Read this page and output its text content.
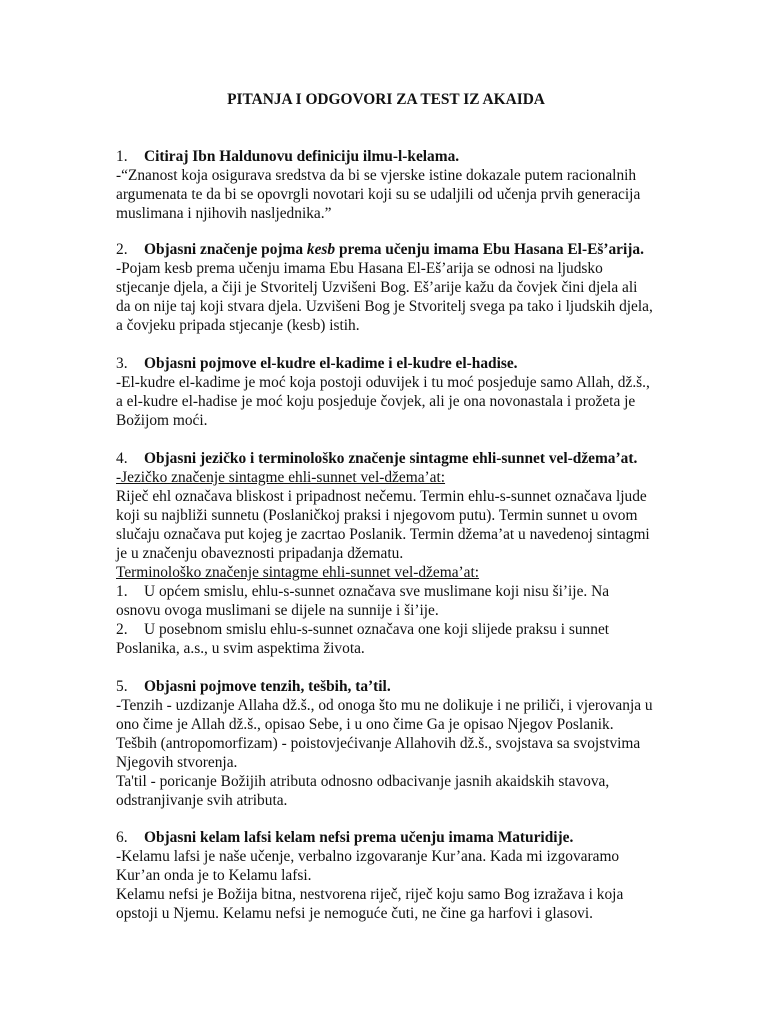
PITANJA I ODGOVORI ZA TEST IZ AKAIDA
1. Citiraj Ibn Haldunovu definiciju ilmu-l-kelama.
-“Znanost koja osigurava sredstva da bi se vjerske istine dokazale putem racionalnih
argumenata te da bi se opovrgli novotari koji su se udaljili od učenja prvih generacija
muslimana i njihovih nasljednika.”
2. Objasni značenje pojma kesb prema učenju imama Ebu Hasana El-Eš’arija.
-Pojam kesb prema učenju imama Ebu Hasana El-Eš’arija se odnosi na ljudsko
stjecanje djela, a čiji je Stvoritelj Uzvišeni Bog. Eš’arije kažu da čovjek čini djela ali
da on nije taj koji stvara djela. Uzvišeni Bog je Stvoritelj svega pa tako i ljudskih djela,
a čovjeku pripada stjecanje (kesb) istih.
3. Objasni pojmove el-kudre el-kadime i el-kudre el-hadise.
-El-kudre el-kadime je moć koja postoji oduvijek i tu moć posjeduje samo Allah, dž.š.,
a el-kudre el-hadise je moć koju posjeduje čovjek, ali je ona novonastala i prožeta je
Božijom moći.
4. Objasni jezičko i terminološko značenje sintagme ehli-sunnet vel-džema’at.
-Jezičko značenje sintagme ehli-sunnet vel-džema’at:
Riječ ehl označava bliskost i pripadnost nečemu. Termin ehlu-s-sunnet označava ljude
koji su najbliži sunnetu (Poslaničkoj praksi i njegovom putu). Termin sunnet u ovom
slučaju označava put kojeg je zacrtao Poslanik. Termin džema’at u navedenoj sintagmi
je u značenju obaveznosti pripadanja džematu.
Terminološko značenje sintagme ehli-sunnet vel-džema’at:
1. U općem smislu, ehlu-s-sunnet označava sve muslimane koji nisu ši’ije. Na
osnovu ovoga muslimani se dijele na sunnije i ši’ije.
2. U posebnom smislu ehlu-s-sunnet označava one koji slijede praksu i sunnet
Poslanika, a.s., u svim aspektima života.
5. Objasni pojmove tenzih, tešbih, ta’til.
-Tenzih - uzdizanje Allaha dž.š., od onoga što mu ne dolikuje i ne priliči, i vjerovanja u
ono čime je Allah dž.š., opisao Sebe, i u ono čime Ga je opisao Njegov Poslanik.
Tešbih (antropomorfizam) - poistovjećivanje Allahovih dž.š., svojstava sa svojstvima
Njegovih stvorenja.
Ta'til - poricanje Božijih atributa odnosno odbacivanje jasnih akaidskih stavova,
odstranjivanje svih atributa.
6. Objasni kelam lafsi kelam nefsi prema učenju imama Maturidije.
-Kelamu lafsi je naše učenje, verbalno izgovaranje Kur’ana. Kada mi izgovaramo
Kur’an onda je to Kelamu lafsi.
Kelamu nefsi je Božija bitna, nestvorena riječ, riječ koju samo Bog izražava i koja
opstoji u Njemu. Kelamu nefsi je nemoguće čuti, ne čine ga harfovi i glasovi.
